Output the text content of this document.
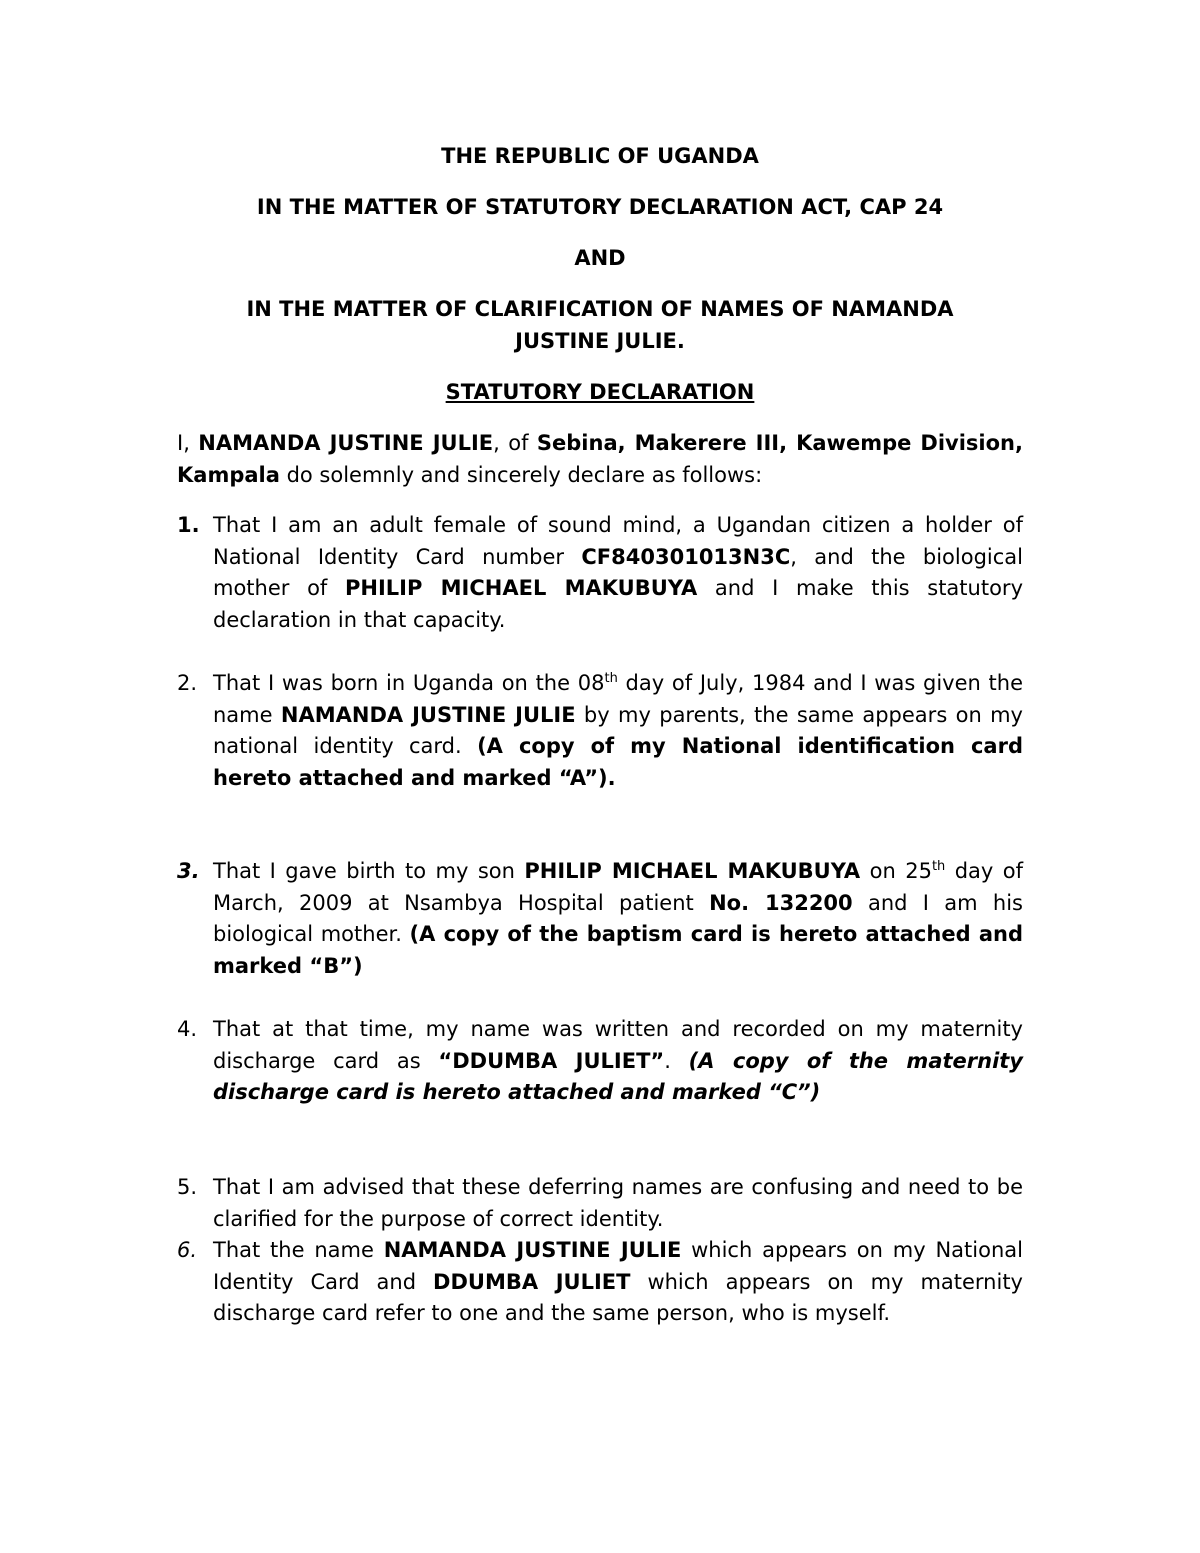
THE REPUBLIC OF UGANDA

IN THE MATTER OF STATUTORY DECLARATION ACT, CAP 24

AND

IN THE MATTER OF CLARIFICATION OF NAMES OF NAMANDA

JUSTINE JULIE.

STATUTORY DECLARATION

I, NAMANDA JUSTINE JULIE, of Sebina, Makerere III, Kawempe Division, Kampala do solemnly and sincerely declare as follows:

1. That I am an adult female of sound mind, a Ugandan citizen a holder of National Identity Card number CF840301013N3C, and the biological mother of PHILIP MICHAEL MAKUBUYA and I make this statutory declaration in that capacity.
2. That I was born in Uganda on the 08th day of July, 1984 and I was given the name NAMANDA JUSTINE JULIE by my parents, the same appears on my national identity card. (A copy of my National identification card hereto attached and marked “A”).
3. That I gave birth to my son PHILIP MICHAEL MAKUBUYA on 25th day of March, 2009 at Nsambya Hospital patient No. 132200 and I am his biological mother. (A copy of the baptism card is hereto attached and marked “B”)
4. That at that time, my name was written and recorded on my maternity discharge card as “DDUMBA JULIET”. (A copy of the maternity discharge card is hereto attached and marked “C”)
5. That I am advised that these deferring names are confusing and need to be clarified for the purpose of correct identity.
6. That the name NAMANDA JUSTINE JULIE which appears on my National Identity Card and DDUMBA JULIET which appears on my maternity discharge card refer to one and the same person, who is myself.
